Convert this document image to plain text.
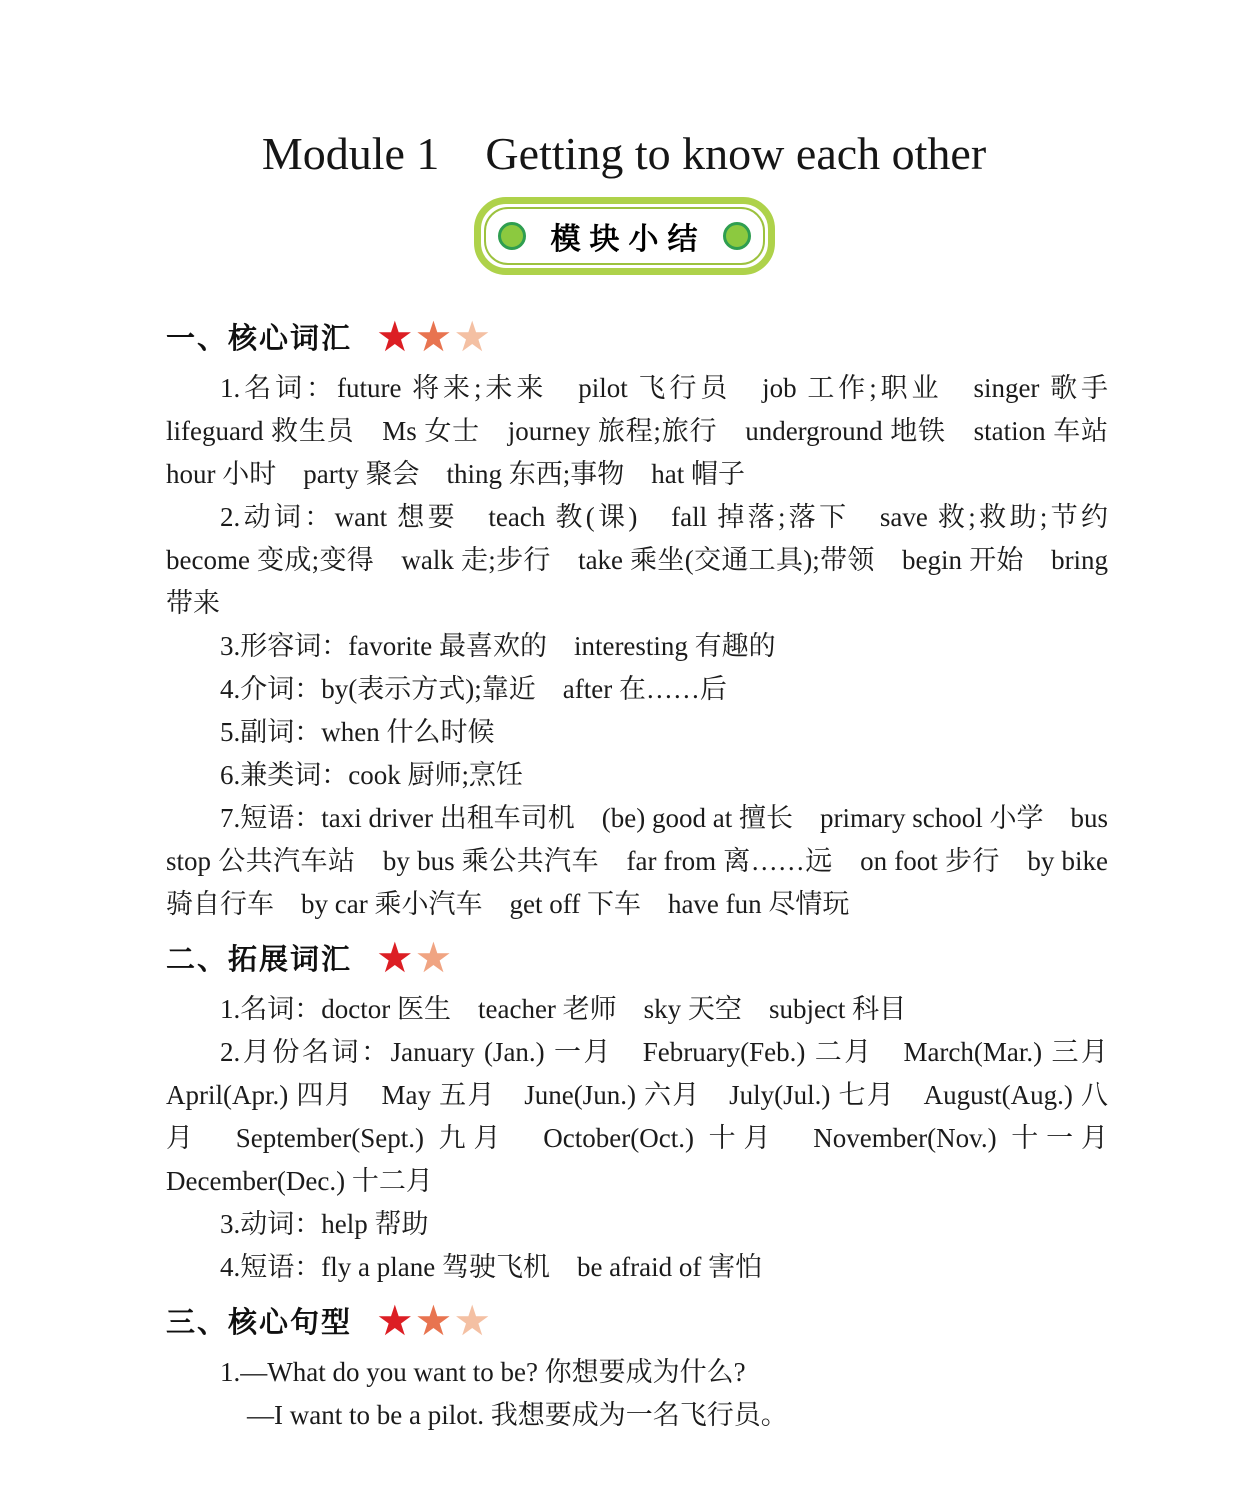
Module 1　Getting to know each other
模块小结
一、核心词汇 ★ ★ ★

1.名词：future 将来;未来　 pilot 飞行员　 job 工作;职业　 singer 歌手　lifeguard 救生员　 Ms 女士　 journey 旅程;旅行　 underground 地铁　 station 车站　hour 小时　 party 聚会　 thing 东西;事物　 hat 帽子

2.动词：want 想要　 teach 教(课)　 fall 掉落;落下　 save 救;救助;节约　become 变成;变得　 walk 走;步行　 take 乘坐(交通工具);带领　 begin 开始　 bring 带来

3.形容词：favorite 最喜欢的　 interesting 有趣的

4.介词：by(表示方式);靠近　 after 在……后

5.副词：when 什么时候

6.兼类词：cook 厨师;烹饪

7.短语：taxi driver 出租车司机　 (be) good at 擅长　 primary school 小学　 bus stop 公共汽车站　 by bus 乘公共汽车　 far from 离……远　 on foot 步行　 by bike 骑自行车　 by car 乘小汽车　 get off 下车　 have fun 尽情玩

二、拓展词汇 ★ ★

1.名词：doctor 医生　 teacher 老师　 sky 天空　 subject 科目

2.月份名词：January (Jan.) 一月　 February(Feb.) 二月　 March(Mar.) 三月　April(Apr.) 四月　 May 五月　 June(Jun.) 六月　 July(Jul.) 七月　 August(Aug.) 八月　 September(Sept.) 九月　 October(Oct.) 十月　 November(Nov.) 十一月　December(Dec.) 十二月

3.动词：help 帮助

4.短语：fly a plane 驾驶飞机　 be afraid of 害怕

三、核心句型 ★ ★ ★

1.—What do you want to be? 你想要成为什么?

—I want to be a pilot. 我想要成为一名飞行员。
